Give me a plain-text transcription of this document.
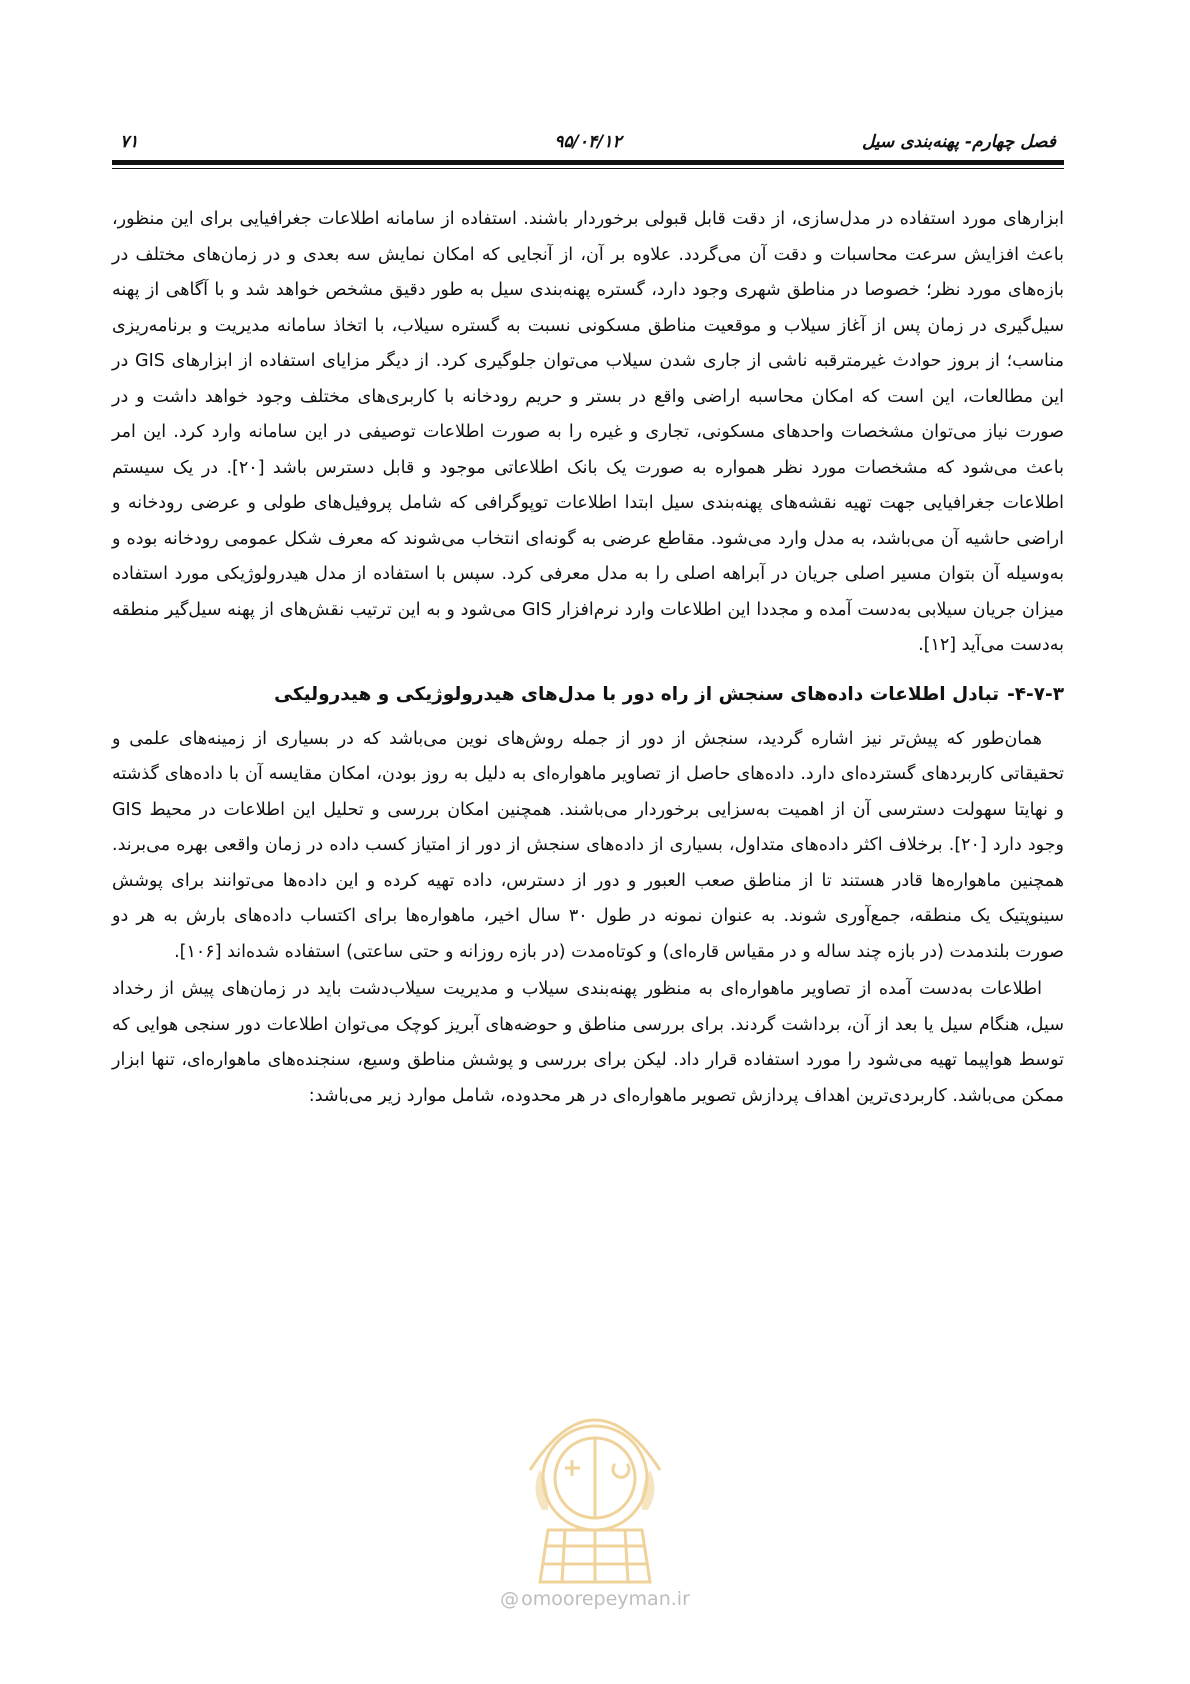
۷۱	۹۵/۰۴/۱۲	فصل چهارم- پهنه‌بندی سیل

ابزارهای مورد استفاده در مدل‌سازی، از دقت قابل قبولی برخوردار باشند. استفاده از سامانه اطلاعات جغرافیایی برای این منظور، باعث افزایش سرعت محاسبات و دقت آن می‌گردد. علاوه بر آن، از آنجایی که امکان نمایش سه بعدی و در زمان‌های مختلف در بازه‌های مورد نظر؛ خصوصا در مناطق شهری وجود دارد، گستره پهنه‌بندی سیل به طور دقیق مشخص خواهد شد و با آگاهی از پهنه سیل‌گیری در زمان پس از آغاز سیلاب و موقعیت مناطق مسکونی نسبت به گستره سیلاب، با اتخاذ سامانه مدیریت و برنامه‌ریزی مناسب؛ از بروز حوادث غیرمترقبه ناشی از جاری شدن سیلاب می‌توان جلوگیری کرد. از دیگر مزایای استفاده از ابزارهای GIS در این مطالعات، این است که امکان محاسبه اراضی واقع در بستر و حریم رودخانه با کاربری‌های مختلف وجود خواهد داشت و در صورت نیاز می‌توان مشخصات واحدهای مسکونی، تجاری و غیره را به صورت اطلاعات توصیفی در این سامانه وارد کرد. این امر باعث می‌شود که مشخصات مورد نظر همواره به صورت یک بانک اطلاعاتی موجود و قابل دسترس باشد [۲۰]. در یک سیستم اطلاعات جغرافیایی جهت تهیه نقشه‌های پهنه‌بندی سیل ابتدا اطلاعات توپوگرافی که شامل پروفیل‌های طولی و عرضی رودخانه و اراضی حاشیه آن می‌باشد، به مدل وارد می‌شود. مقاطع عرضی به گونه‌ای انتخاب می‌شوند که معرف شکل عمومی رودخانه بوده و به‌وسیله آن بتوان مسیر اصلی جریان در آبراهه اصلی را به مدل معرفی کرد. سپس با استفاده از مدل هیدرولوژیکی مورد استفاده میزان جریان سیلابی به‌دست آمده و مجددا این اطلاعات وارد نرم‌افزار GIS می‌شود و به این ترتیب نقش‌های از پهنه سیل‌گیر منطقه به‌دست می‌آید [۱۲].

۴-۷-۳-تبادل اطلاعات داده‌های سنجش از راه دور با مدل‌های هیدرولوژیکی و هیدرولیکی

همان‌طور که پیش‌تر نیز اشاره گردید، سنجش از دور از جمله روش‌های نوین می‌باشد که در بسیاری از زمینه‌های علمی و تحقیقاتی کاربردهای گسترده‌ای دارد. داده‌های حاصل از تصاویر ماهواره‌ای به دلیل به روز بودن، امکان مقایسه آن با داده‌های گذشته و نهایتا سهولت دسترسی آن از اهمیت به‌سزایی برخوردار می‌باشند. همچنین امکان بررسی و تحلیل این اطلاعات در محیط GIS وجود دارد [۲۰]. برخلاف اکثر داده‌های متداول، بسیاری از داده‌های سنجش از دور از امتیاز کسب داده در زمان واقعی بهره می‌برند. همچنین ماهواره‌ها قادر هستند تا از مناطق صعب العبور و دور از دسترس، داده تهیه کرده و این داده‌ها می‌توانند برای پوشش سینوپتیک یک منطقه، جمع‌آوری شوند. به عنوان نمونه در طول ۳۰ سال اخیر، ماهواره‌ها برای اکتساب داده‌های بارش به هر دو صورت بلندمدت (در بازه چند ساله و در مقیاس قاره‌ای) و کوتاه‌مدت (در بازه روزانه و حتی ساعتی) استفاده شده‌اند [۱۰۶].

اطلاعات به‌دست آمده از تصاویر ماهواره‌ای به منظور پهنه‌بندی سیلاب و مدیریت سیلاب‌دشت باید در زمان‌های پیش از رخداد سیل، هنگام سیل یا بعد از آن، برداشت گردند. برای بررسی مناطق و حوضه‌های آبریز کوچک می‌توان اطلاعات دور سنجی هوایی که توسط هواپیما تهیه می‌شود را مورد استفاده قرار داد. لیکن برای بررسی و پوشش مناطق وسیع، سنجنده‌های ماهواره‌ای، تنها ابزار ممکن می‌باشد. کاربردی‌ترین اهداف پردازش تصویر ماهواره‌ای در هر محدوده، شامل موارد زیر می‌باشد:

@ omoorepeyman.ir
